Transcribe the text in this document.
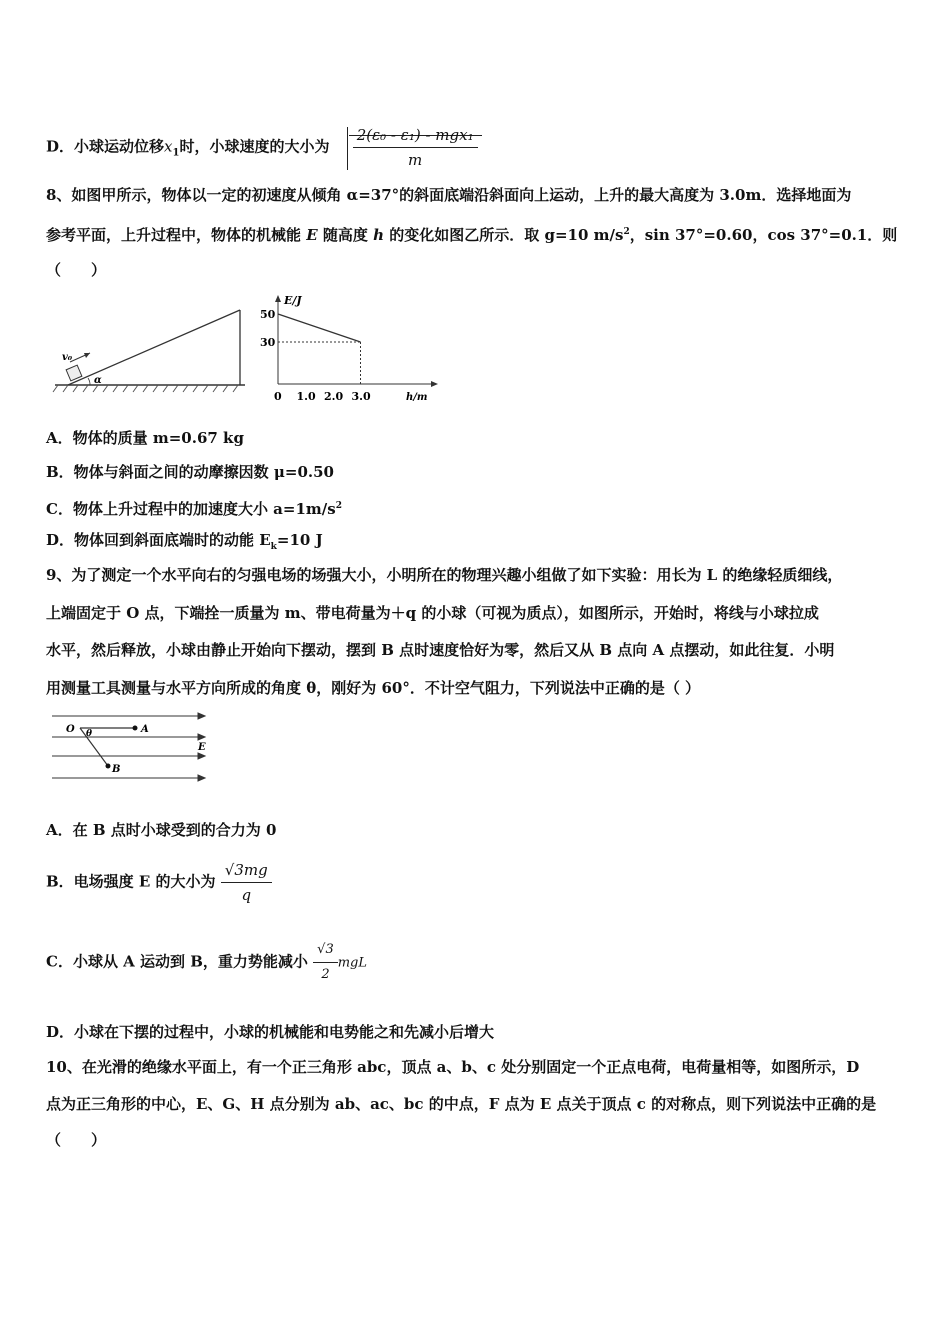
D．小球运动位移$x_1$时，小球速度的大小为 $\frac{\text{2(ε₀ - ε₁) - mgx₁}}{m}$
8、如图甲所示，物体以一定的初速度从倾角 α=37°的斜面底端沿斜面向上运动，上升的最大高度为 3.0m．选择地面为
参考平面，上升过程中，物体的机械能 E 随高度 h 的变化如图乙所示．取 g=10 $m/s^2$，sin 37°=0.60，cos 37°=0.1．则
（　　）
v₀
α
E/J
h/m
50
30
0 1.0 2.0 3.0
A．物体的质量 m=0.67 kg
B．物体与斜面之间的动摩擦因数 μ=0.50
C．物体上升过程中的加速度大小 $a=1m/s^2$
D．物体回到斜面底端时的动能 $E_k=10$ J
9、为了测定一个水平向右的匀强电场的场强大小，小明所在的物理兴趣小组做了如下实验：用长为 L 的绝缘轻质细线，
上端固定于 O 点，下端拴一质量为 m、带电荷量为＋q 的小球（可视为质点），如图所示，开始时，将线与小球拉成
水平，然后释放，小球由静止开始向下摆动，摆到 B 点时速度恰好为零，然后又从 B 点向 A 点摆动，如此往复．小明
用测量工具测量与水平方向所成的角度 θ，刚好为 60°．不计空气阻力，下列说法中正确的是（ ）
O	A
B
E
θ
A．在 B 点时小球受到的合力为 0
B．电场强度 E 的大小为 $\frac{√3mg}{q}$
C．小球从 A 运动到 B，重力势能减小 $\frac{√3}{2}$ mgL
D．小球在下摆的过程中，小球的机械能和电势能之和先减小后增大
10、在光滑的绝缘水平面上，有一个正三角形 abc，顶点 a、b、c 处分别固定一个正点电荷，电荷量相等，如图所示，D
点为正三角形的中心，E、G、H 点分别为 ab、ac、bc 的中点，F 点为 E 点关于顶点 c 的对称点，则下列说法中正确的是
（　　）
